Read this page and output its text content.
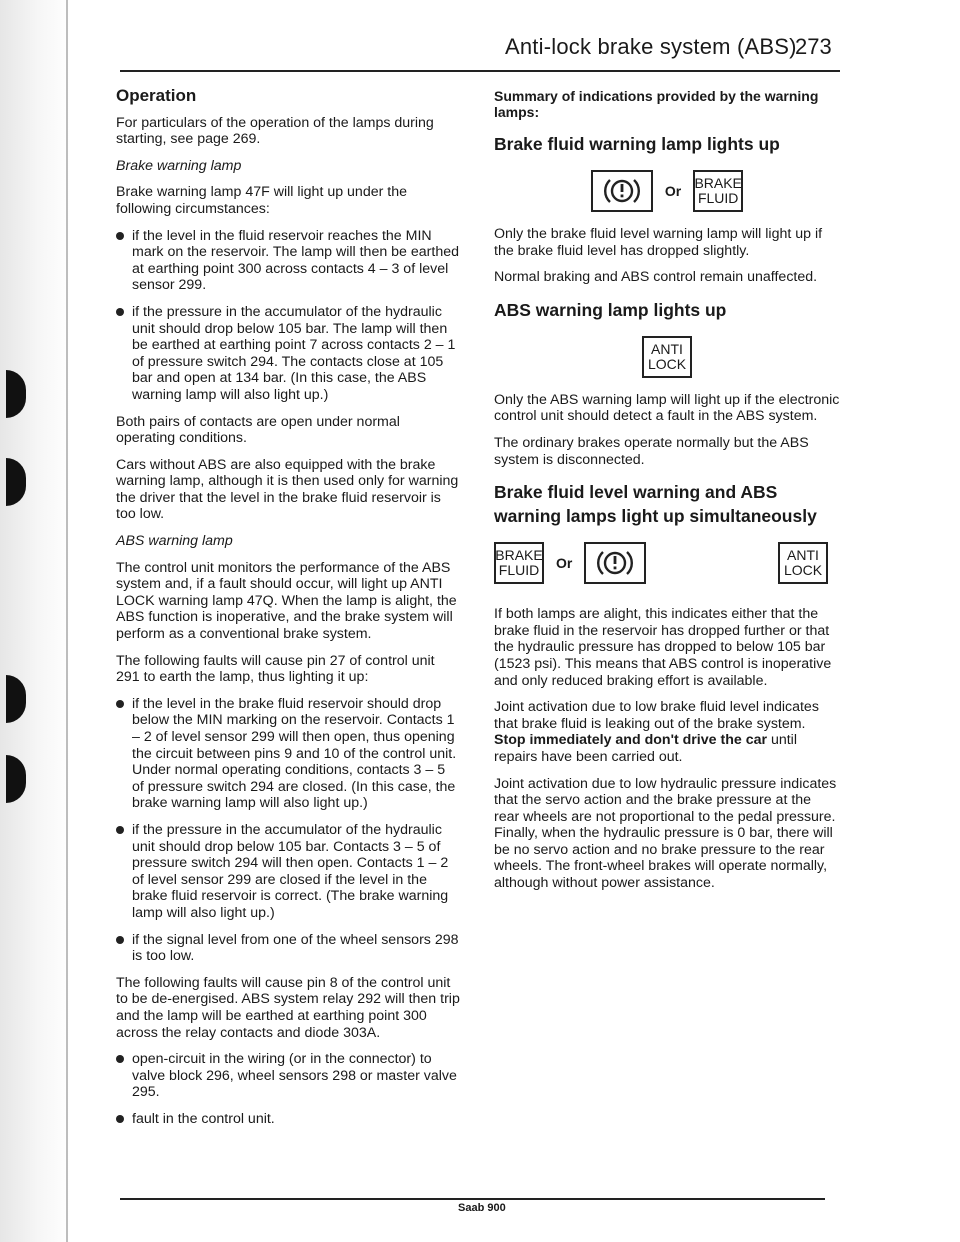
Anti-lock brake system (ABS)
273
Operation

For particulars of the operation of the lamps during starting, see page 269.

Brake warning lamp

Brake warning lamp 47F will light up under the following circumstances:

if the level in the fluid reservoir reaches the MIN mark on the reservoir. The lamp will then be earthed at earthing point 300 across contacts 4 – 3 of level sensor 299.
if the pressure in the accumulator of the hydraulic unit should drop below 105 bar. The lamp will then be earthed at earthing point 7 across contacts 2 – 1 of pressure switch 294. The contacts close at 105 bar and open at 134 bar. (In this case, the ABS warning lamp will also light up.)

Both pairs of contacts are open under normal operating conditions.

Cars without ABS are also equipped with the brake warning lamp, although it is then used only for warning the driver that the level in the brake fluid reservoir is too low.

ABS warning lamp

The control unit monitors the performance of the ABS system and, if a fault should occur, will light up ANTI LOCK warning lamp 47Q. When the lamp is alight, the ABS function is inoperative, and the brake system will perform as a conventional brake system.

The following faults will cause pin 27 of control unit 291 to earth the lamp, thus lighting it up:

if the level in the brake fluid reservoir should drop below the MIN marking on the reservoir. Contacts 1 – 2 of level sensor 299 will then open, thus opening the circuit between pins 9 and 10 of the control unit. Under normal operating conditions, contacts 3 – 5 of pressure switch 294 are closed. (In this case, the brake warning lamp will also light up.)
if the pressure in the accumulator of the hydraulic unit should drop below 105 bar. Contacts 3 – 5 of pressure switch 294 will then open. Contacts 1 – 2 of level sensor 299 are closed if the level in the brake fluid reservoir is correct. (The brake warning lamp will also light up.)
if the signal level from one of the wheel sensors 298 is too low.

The following faults will cause pin 8 of the control unit to be de-energised. ABS system relay 292 will then trip and the lamp will be earthed at earthing point 300 across the relay contacts and diode 303A.

open-circuit in the wiring (or in the connector) to valve block 296, wheel sensors 298 or master valve 295.
fault in the control unit.
Summary of indications provided by the warning lamps:
Brake fluid warning lamp lights up
Or BRAKE
FLUID

Only the brake fluid level warning lamp will light up if the brake fluid level has dropped slightly.

Normal braking and ABS control remain unaffected.

ABS warning lamp lights up
ANTI
LOCK

Only the ABS warning lamp will light up if the electronic control unit should detect a fault in the ABS system.

The ordinary brakes operate normally but the ABS system is disconnected.

Brake fluid level warning and ABS warning lamps light up simultaneously
BRAKE
FLUID Or	ANTI
LOCK

If both lamps are alight, this indicates either that the brake fluid in the reservoir has dropped further or that the hydraulic pressure has dropped to below 105 bar (1523 psi). This means that ABS control is inoperative and only reduced braking effort is available.

Joint activation due to low brake fluid level indicates that brake fluid is leaking out of the brake system. Stop immediately and don't drive the car until repairs have been carried out.

Joint activation due to low hydraulic pressure indicates that the servo action and the brake pressure at the rear wheels are not proportional to the pedal pressure. Finally, when the hydraulic pressure is 0 bar, there will be no servo action and no brake pressure to the rear wheels. The front-wheel brakes will operate normally, although without power assistance.

Saab 900
